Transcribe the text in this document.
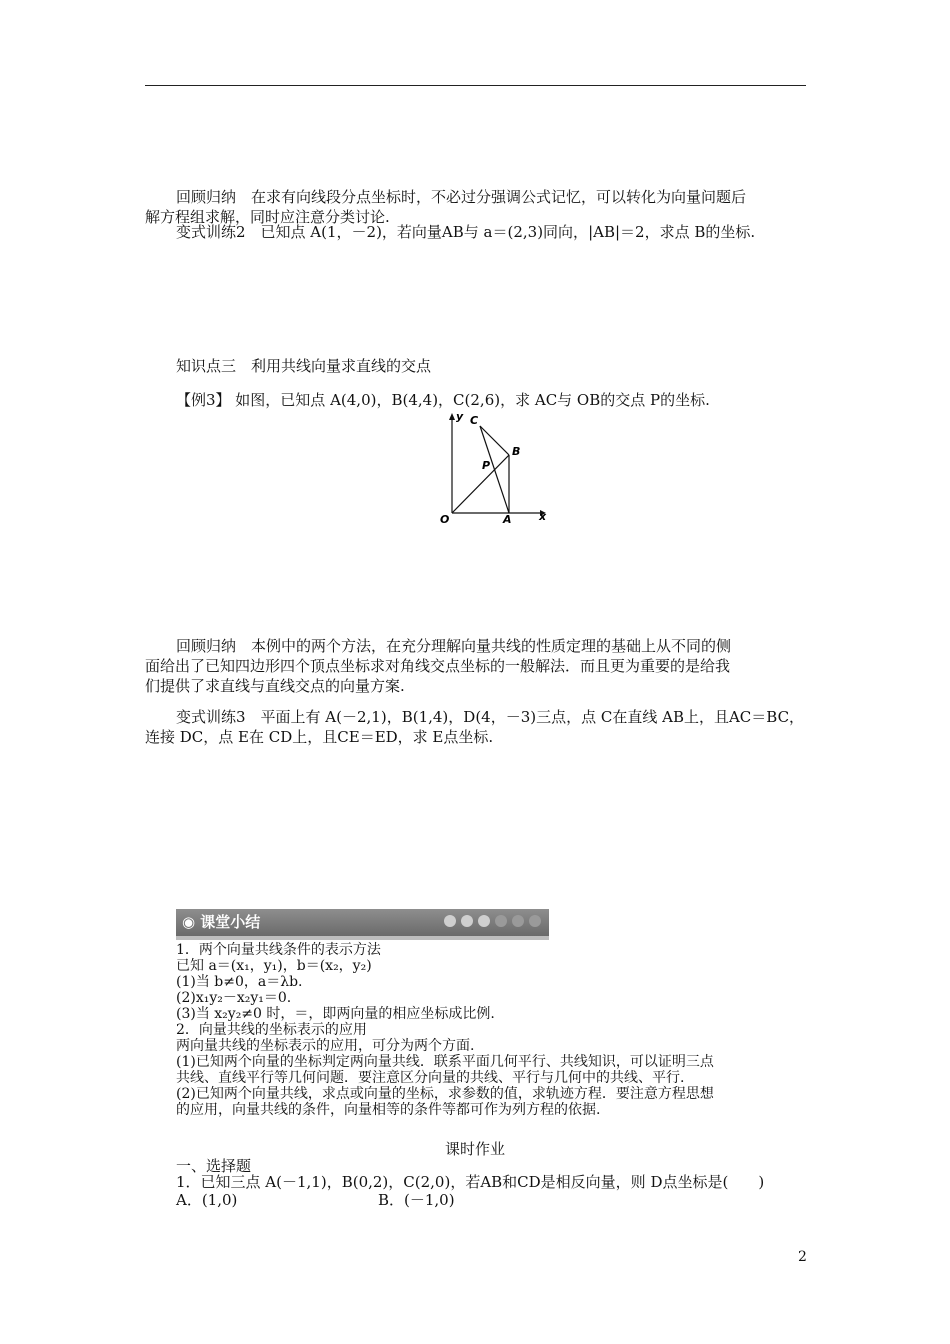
回顾归纳　在求有向线段分点坐标时，不必过分强调公式记忆，可以转化为向量问题后
解方程组求解，同时应注意分类讨论.
变式训练2　已知点 A(1，－2)，若向量AB与 a＝(2,3)同向，|AB|＝2，求点 B的坐标.
知识点三　利用共线向量求直线的交点
【例3】 如图，已知点 A(4,0)，B(4,4)，C(2,6)，求 AC与 OB的交点 P的坐标.
y
x
O	A
B
C
P
回顾归纳　本例中的两个方法，在充分理解向量共线的性质定理的基础上从不同的侧
面给出了已知四边形四个顶点坐标求对角线交点坐标的一般解法．而且更为重要的是给我
们提供了求直线与直线交点的向量方案.
变式训练3　平面上有 A(－2,1)，B(1,4)，D(4，－3)三点，点 C在直线 AB上，且AC＝BC，
连接 DC，点 E在 CD上，且CE＝ED，求 E点坐标.
◉ 课堂小结
1．两个向量共线条件的表示方法
已知 a＝(x₁，y₁)，b＝(x₂，y₂)
(1)当 b≠0，a＝λb.
(2)x₁y₂－x₂y₁＝0.
(3)当 x₂y₂≠0 时，＝，即两向量的相应坐标成比例.
2．向量共线的坐标表示的应用
两向量共线的坐标表示的应用，可分为两个方面.
(1)已知两个向量的坐标判定两向量共线．联系平面几何平行、共线知识，可以证明三点
共线、直线平行等几何问题．要注意区分向量的共线、平行与几何中的共线、平行.
(2)已知两个向量共线，求点或向量的坐标，求参数的值，求轨迹方程．要注意方程思想
的应用，向量共线的条件，向量相等的条件等都可作为列方程的依据.
课时作业
一、选择题
1．已知三点 A(－1,1)，B(0,2)，C(2,0)，若AB和CD是相反向量，则 D点坐标是(　　)
A．(1,0)	B．(－1,0)
2
